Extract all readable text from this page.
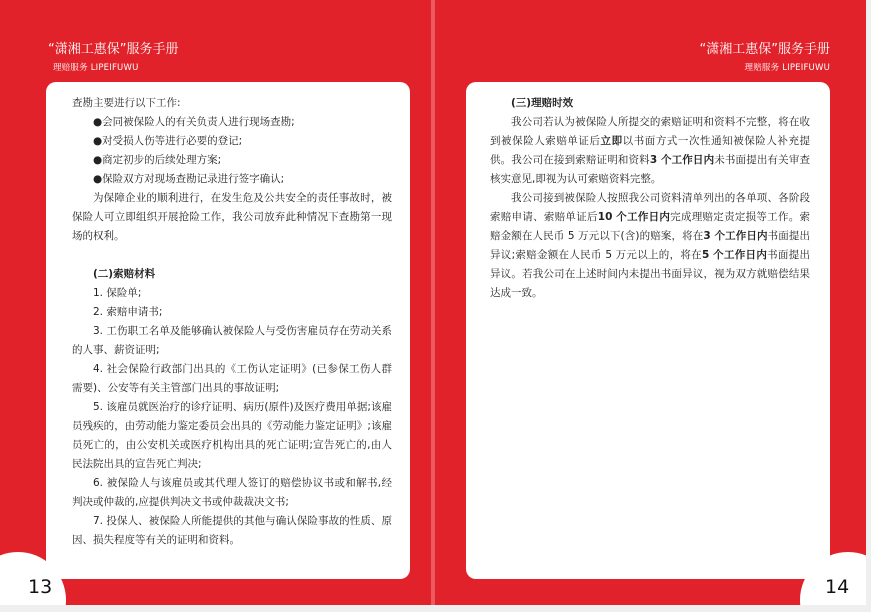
“潇湘工惠保”服务手册
理赔服务 LIPEIFUWU
“潇湘工惠保”服务手册
理赔服务 LIPEIFUWU

查勘主要进行以下工作:

●会同被保险人的有关负责人进行现场查勘;
●对受损人伤等进行必要的登记;
●商定初步的后续处理方案;
●保险双方对现场查勘记录进行签字确认;

为保障企业的顺利进行，在发生危及公共安全的责任事故时，被保险人可立即组织开展抢险工作，我公司放弃此种情况下查勘第一现场的权利。

(二)索赔材料

1. 保险单;

2. 索赔申请书;

3. 工伤职工名单及能够确认被保险人与受伤害雇员存在劳动关系的人事、薪资证明;

4. 社会保险行政部门出具的《工伤认定证明》(已参保工伤人群需要)、公安等有关主管部门出具的事故证明;

5. 该雇员就医治疗的诊疗证明、病历(原件)及医疗费用单据;该雇员残疾的，由劳动能力鉴定委员会出具的《劳动能力鉴定证明》;该雇员死亡的，由公安机关或医疗机构出具的死亡证明;宣告死亡的,由人民法院出具的宣告死亡判决;

6. 被保险人与该雇员或其代理人签订的赔偿协议书或和解书,经判决或仲裁的,应提供判决文书或仲裁裁决文书;

7. 投保人、被保险人所能提供的其他与确认保险事故的性质、原因、损失程度等有关的证明和资料。

(三)理赔时效

我公司若认为被保险人所提交的索赔证明和资料不完整，将在收到被保险人索赔单证后立即以书面方式一次性通知被保险人补充提供。我公司在接到索赔证明和资料3 个工作日内未书面提出有关审查核实意见,即视为认可索赔资料完整。

我公司接到被保险人按照我公司资料清单列出的各单项、各阶段索赔申请、索赔单证后10 个工作日内完成理赔定责定损等工作。索赔金额在人民币 5 万元以下(含)的赔案，将在3 个工作日内书面提出异议;索赔金额在人民币 5 万元以上的，将在5 个工作日内书面提出异议。若我公司在上述时间内未提出书面异议，视为双方就赔偿结果达成一致。

13	14
